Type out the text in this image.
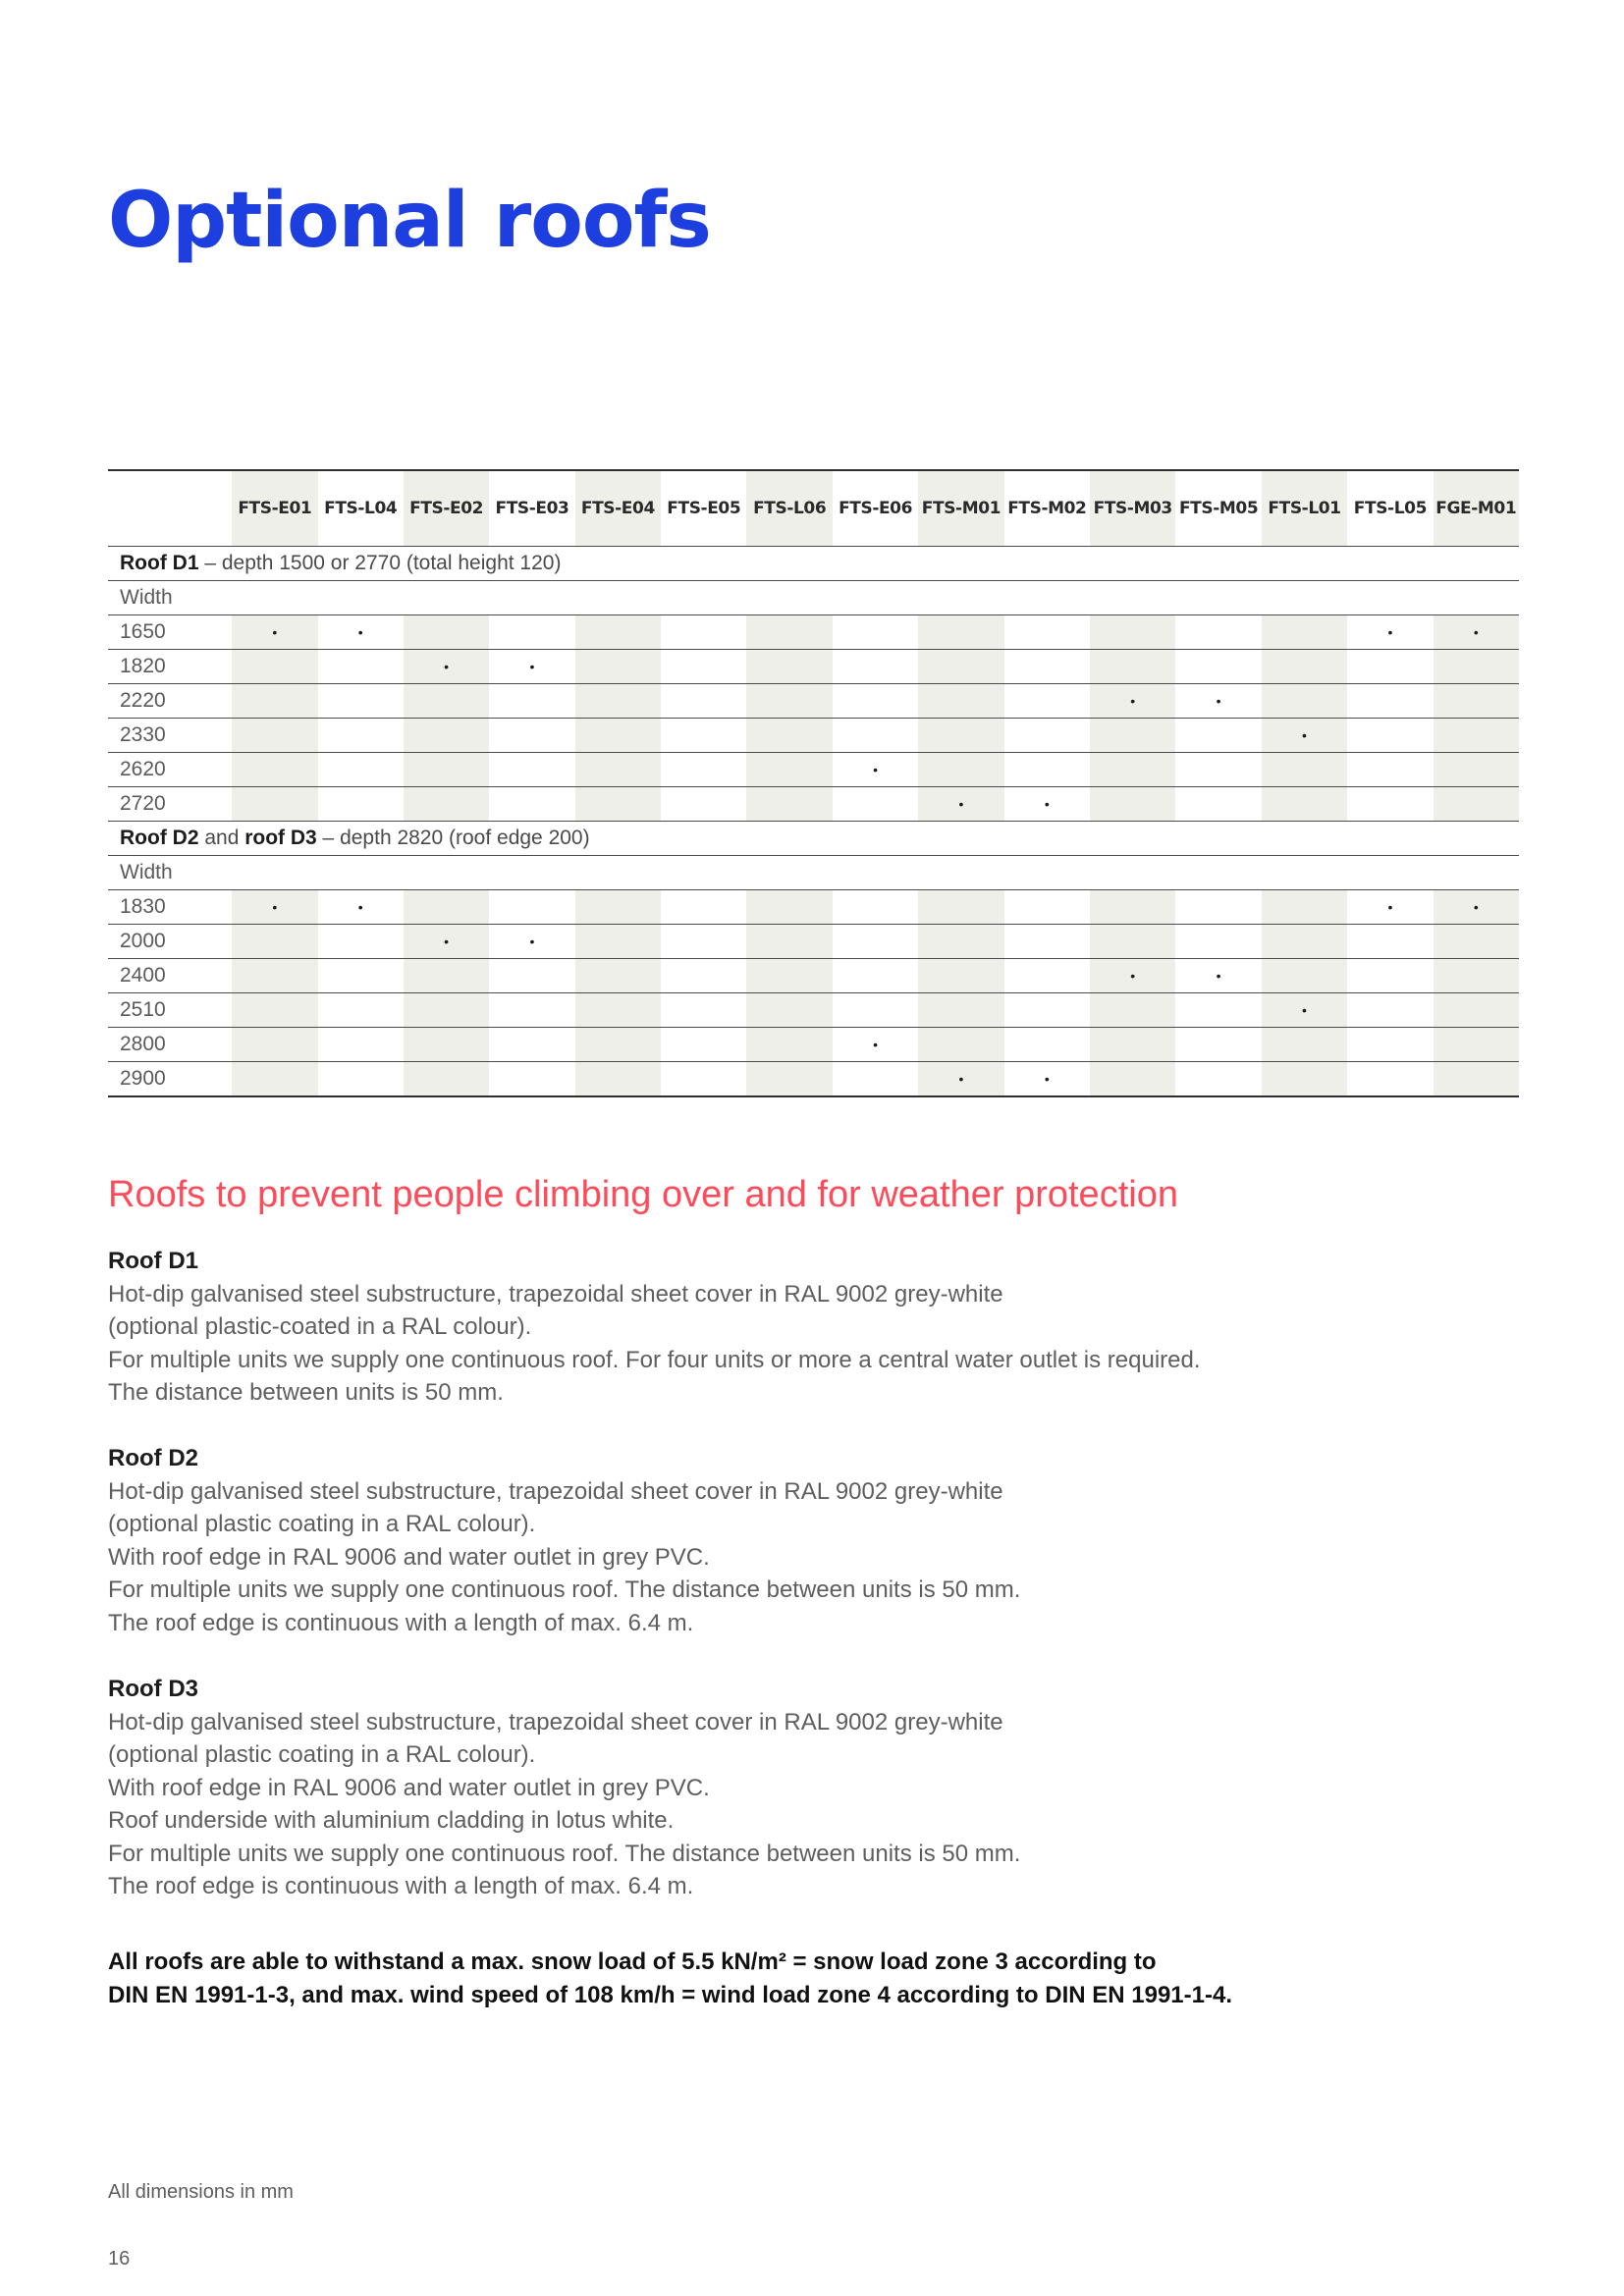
Optional roofs
	FTS-E01	FTS-L04	FTS-E02	FTS-E03	FTS-E04	FTS-E05	FTS-L06	FTS-E06	FTS-M01	FTS-M02	FTS-M03	FTS-M05	FTS-L01	FTS-L05	FGE-M01
Roof D1 – depth 1500 or 2770 (total height 120)															
Width															
1650	•	•												•	•
1820			•	•											
2220											•	•			
2330													•		
2620								•							
2720									•	•					
Roof D2 and roof D3 – depth 2820 (roof edge 200)															
Width															
1830	•	•												•	•
2000			•	•											
2400											•	•			
2510													•		
2800								•							
2900									•	•					
Roofs to prevent people climbing over and for weather protection
Roof D1

Hot-dip galvanised steel substructure, trapezoidal sheet cover in RAL 9002 grey-white

(optional plastic-coated in a RAL colour).

For multiple units we supply one continuous roof. For four units or more a central water outlet is required.

The distance between units is 50 mm.

Roof D2

Hot-dip galvanised steel substructure, trapezoidal sheet cover in RAL 9002 grey-white

(optional plastic coating in a RAL colour).

With roof edge in RAL 9006 and water outlet in grey PVC.

For multiple units we supply one continuous roof. The distance between units is 50 mm.

The roof edge is continuous with a length of max. 6.4 m.

Roof D3

Hot-dip galvanised steel substructure, trapezoidal sheet cover in RAL 9002 grey-white

(optional plastic coating in a RAL colour).

With roof edge in RAL 9006 and water outlet in grey PVC.

Roof underside with aluminium cladding in lotus white.

For multiple units we supply one continuous roof. The distance between units is 50 mm.

The roof edge is continuous with a length of max. 6.4 m.

All roofs are able to withstand a max. snow load of 5.5 kN/m² = snow load zone 3 according to
DIN EN 1991-1-3, and max. wind speed of 108 km/h = wind load zone 4 according to DIN EN 1991-1-4.
All dimensions in mm
16
